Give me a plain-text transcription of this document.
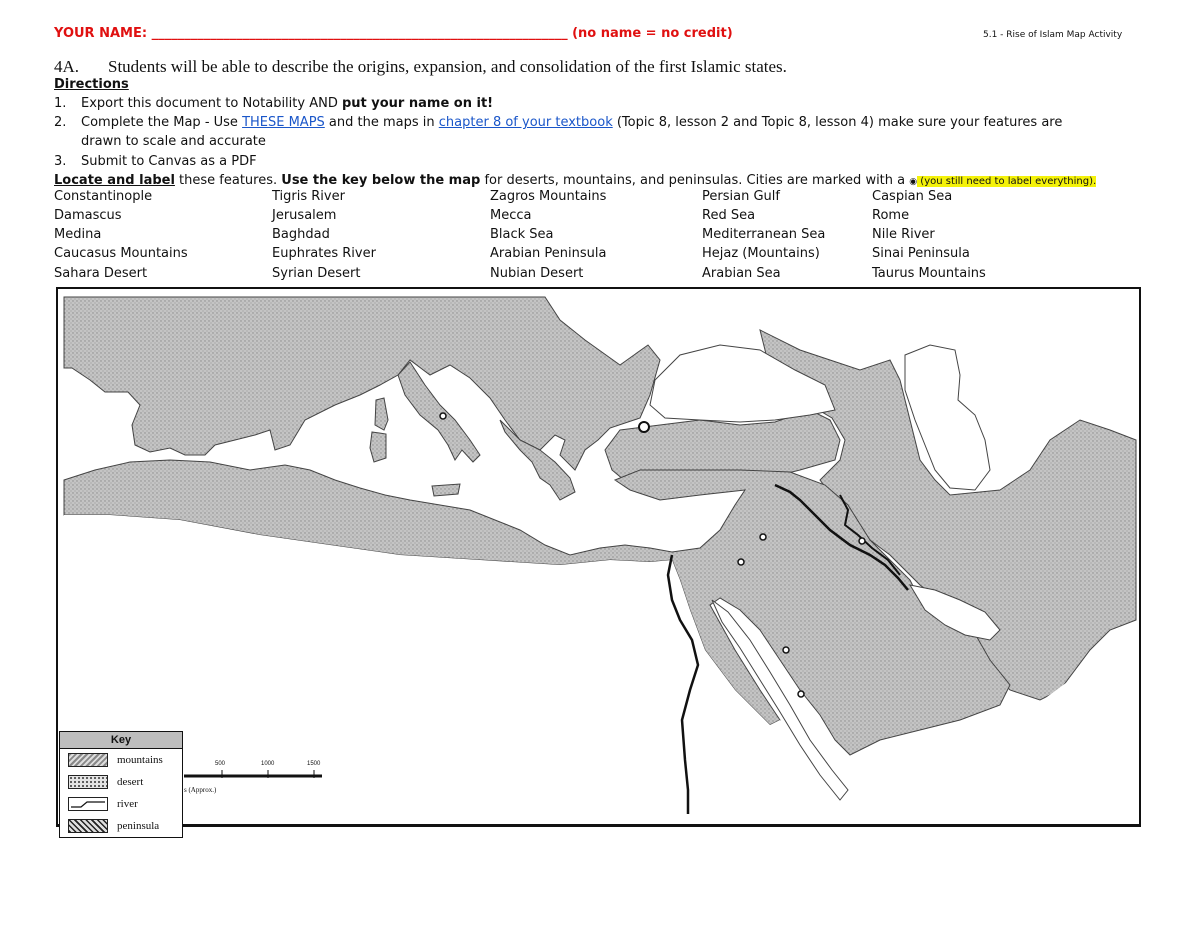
YOUR NAME: ________________________________________________________________ (no name = no credit)	5.1 - Rise of Islam Map Activity
4A. Students will be able to describe the origins, expansion, and consolidation of the first Islamic states.
Directions
1. Export this document to Notability AND put your name on it!
2. Complete the Map - Use THESE MAPS and the maps in chapter 8 of your textbook (Topic 8, lesson 2 and Topic 8, lesson 4) make sure your features are
drawn to scale and accurate
3. Submit to Canvas as a PDF
Locate and label these features. Use the key below the map for deserts, mountains, and peninsulas. Cities are marked with a ◉ (you still need to label everything).
Constantinople	Tigris River	Zagros Mountains	Persian Gulf	Caspian Sea
Damascus	Jerusalem	Mecca	Red Sea	Rome
Medina	Baghdad	Black Sea	Mediterranean Sea	Nile River
Caucasus Mountains	Euphrates River	Arabian Peninsula	Hejaz (Mountains)	Sinai Peninsula
Sahara Desert	Syrian Desert	Nubian Desert	Arabian Sea	Taurus Mountains
500	1000	1500
s (Approx.)
Key
mountains
desert
river
peninsula
